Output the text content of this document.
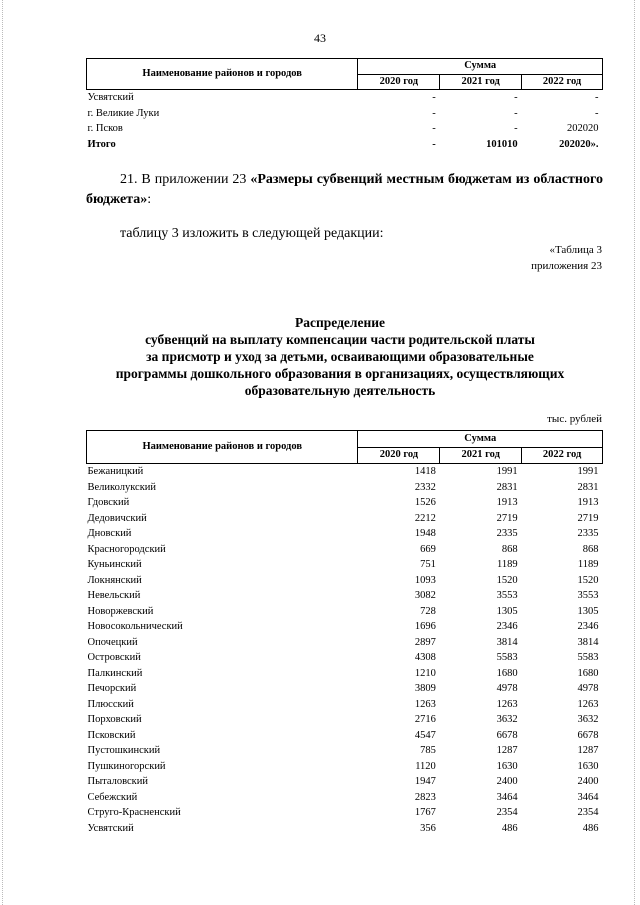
43
Наименование районов и городов	Сумма		
	2020 год	2021 год	2022 год
Усвятский	-	-	-
г. Великие Луки	-	-	-
г. Псков	-	-	202020
Итого	-	101010	202020».
21. В приложении 23 «Размеры субвенций местным бюджетам из областного бюджета»:
таблицу 3 изложить в следующей редакции:
«Таблица 3
приложения 23
Распределение
субвенций на выплату компенсации части родительской платы
за присмотр и уход за детьми, осваивающими образовательные
программы дошкольного образования в организациях, осуществляющих
образовательную деятельность
тыс. рублей
Наименование районов и городов	Сумма		
	2020 год	2021 год	2022 год
Бежаницкий	1418	1991	1991
Великолукский	2332	2831	2831
Гдовский	1526	1913	1913
Дедовичский	2212	2719	2719
Дновский	1948	2335	2335
Красногородский	669	868	868
Куньинский	751	1189	1189
Локнянский	1093	1520	1520
Невельский	3082	3553	3553
Новоржевский	728	1305	1305
Новосокольнический	1696	2346	2346
Опочецкий	2897	3814	3814
Островский	4308	5583	5583
Палкинский	1210	1680	1680
Печорский	3809	4978	4978
Плюсский	1263	1263	1263
Порховский	2716	3632	3632
Псковский	4547	6678	6678
Пустошкинский	785	1287	1287
Пушкиногорский	1120	1630	1630
Пыталовский	1947	2400	2400
Себежский	2823	3464	3464
Струго-Красненский	1767	2354	2354
Усвятский	356	486	486
